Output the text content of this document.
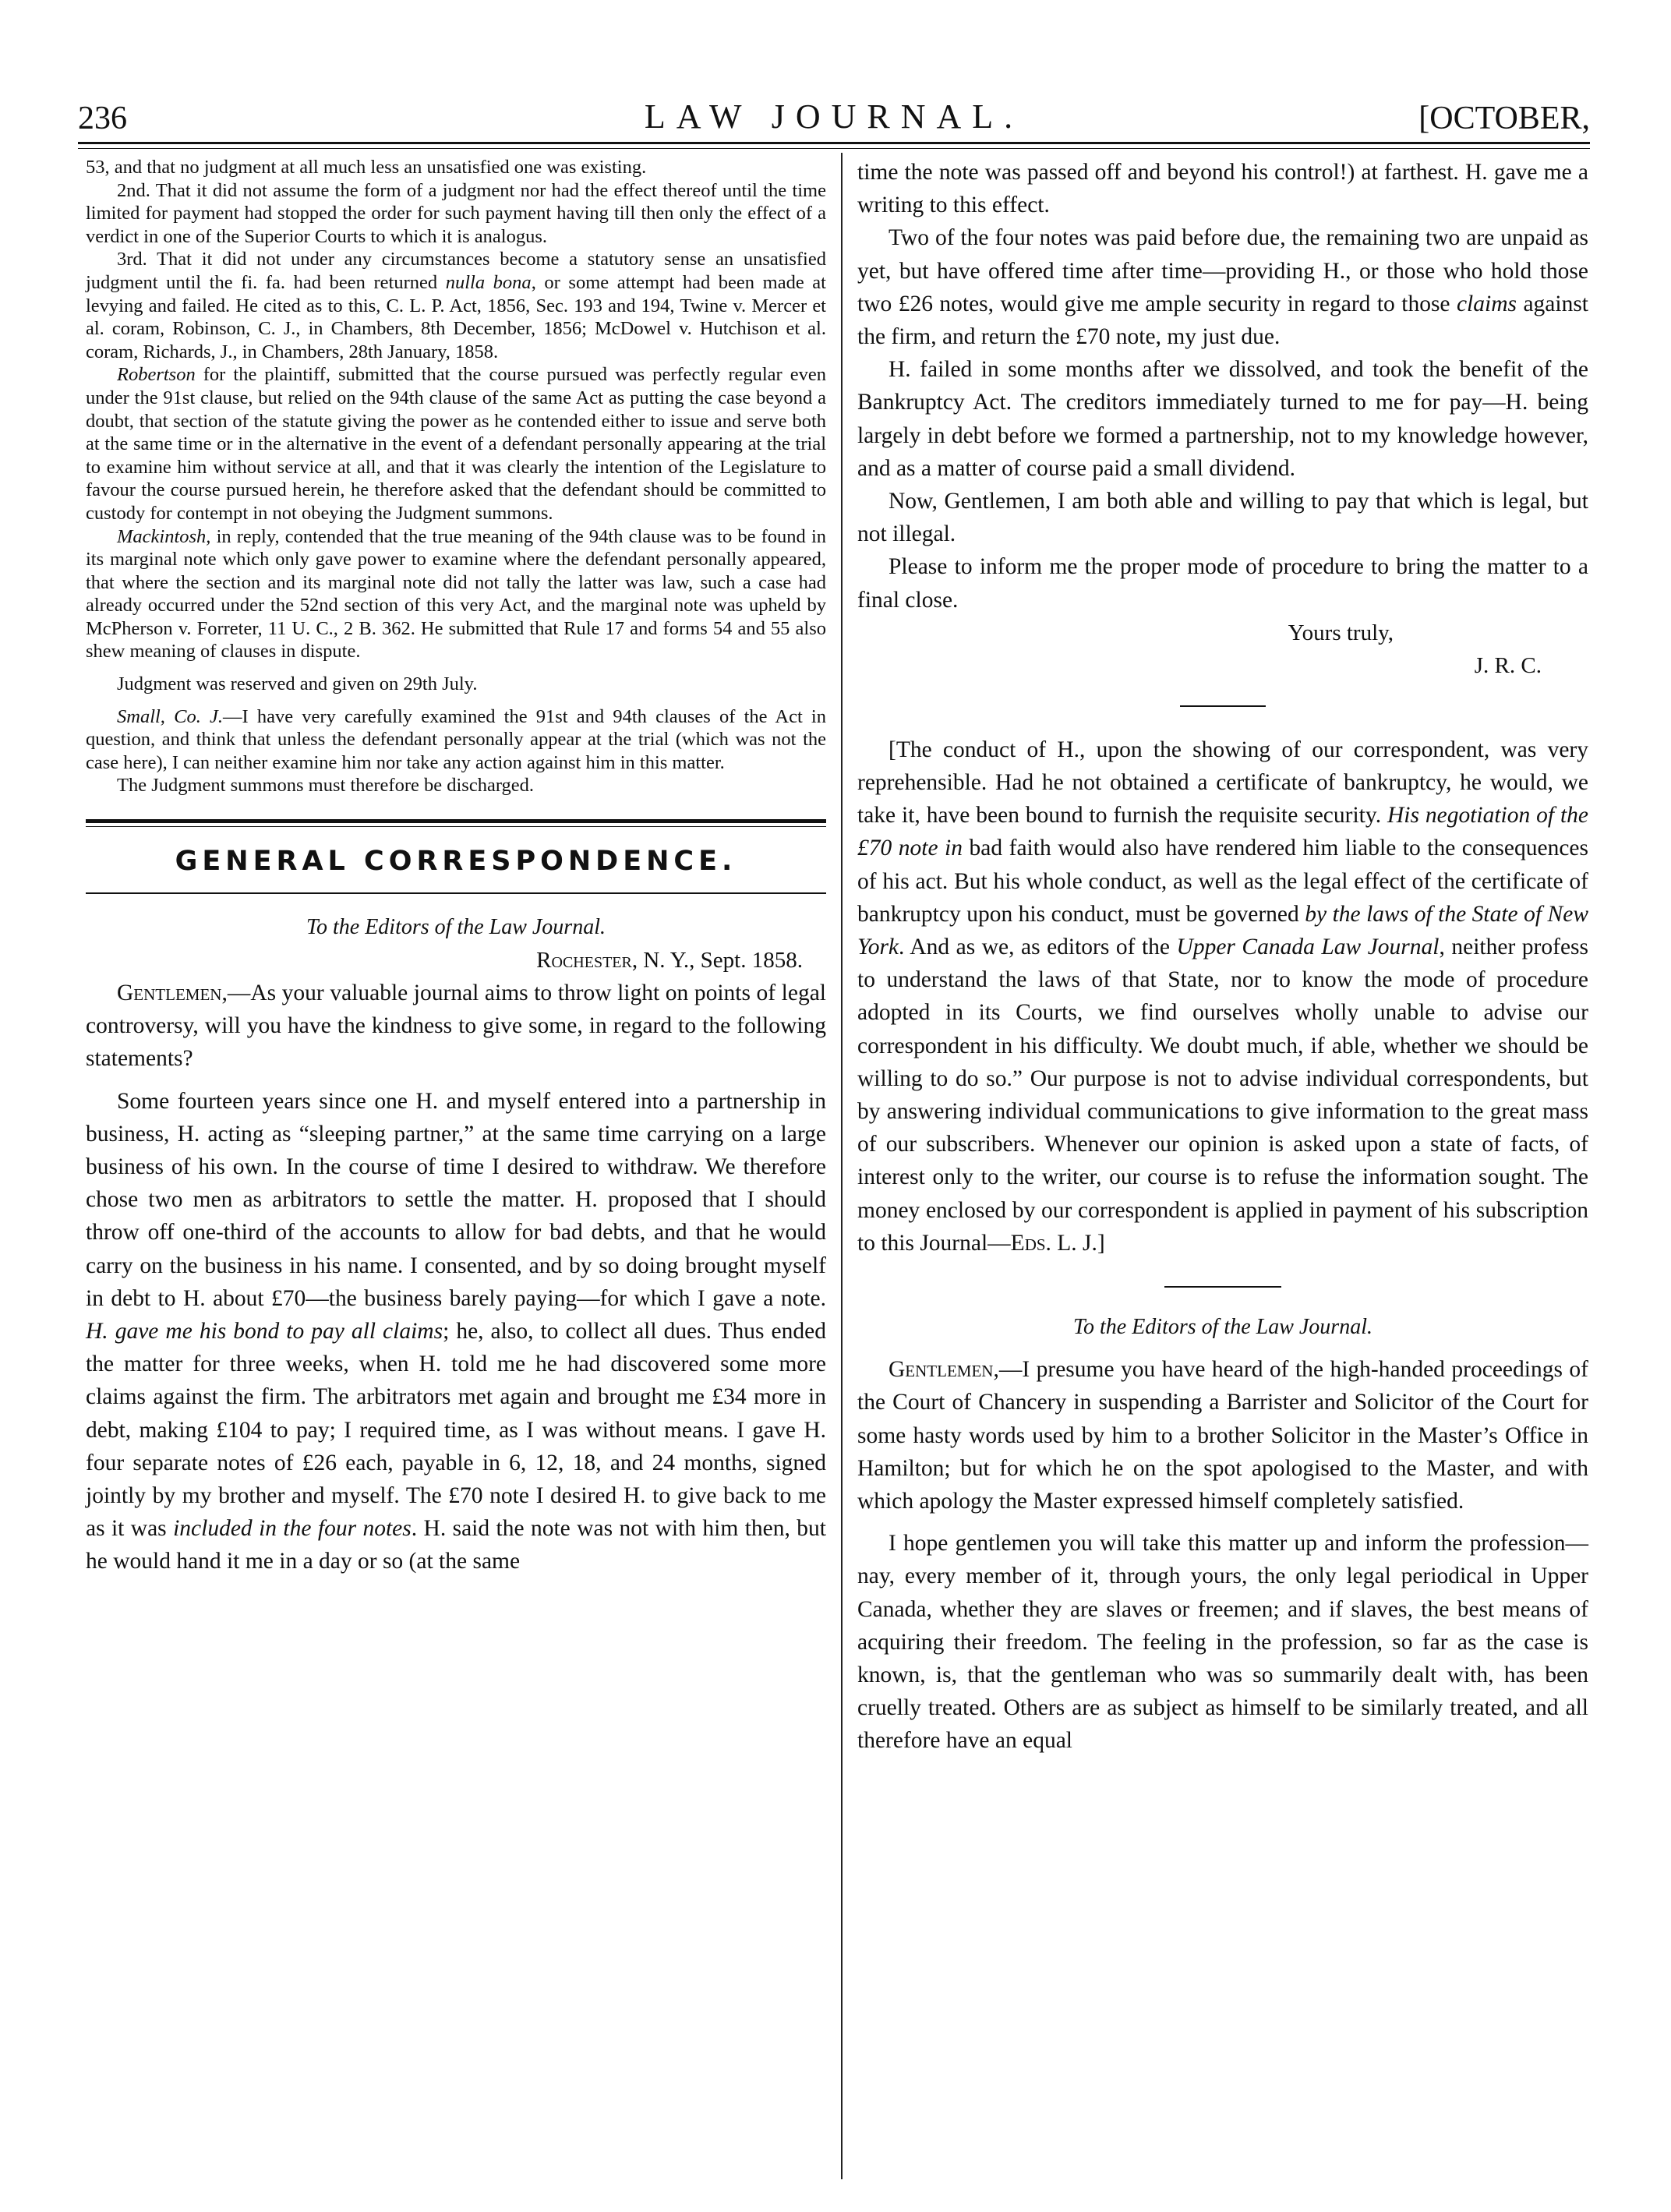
236	LAW JOURNAL.	[OCTOBER,

53, and that no judgment at all much less an unsatisfied one was existing.

2nd. That it did not assume the form of a judgment nor had the effect thereof until the time limited for payment had stopped the order for such payment having till then only the effect of a verdict in one of the Superior Courts to which it is analogus.

3rd. That it did not under any circumstances become a statutory sense an unsatisfied judgment until the fi. fa. had been returned nulla bona, or some attempt had been made at levying and failed. He cited as to this, C. L. P. Act, 1856, Sec. 193 and 194, Twine v. Mercer et al. coram, Robinson, C. J., in Chambers, 8th December, 1856; McDowel v. Hutchison et al. coram, Richards, J., in Chambers, 28th January, 1858.

Robertson for the plaintiff, submitted that the course pursued was perfectly regular even under the 91st clause, but relied on the 94th clause of the same Act as putting the case beyond a doubt, that section of the statute giving the power as he contended either to issue and serve both at the same time or in the alternative in the event of a defendant personally appearing at the trial to examine him without service at all, and that it was clearly the intention of the Legislature to favour the course pursued herein, he therefore asked that the defendant should be committed to custody for contempt in not obeying the Judgment summons.

Mackintosh, in reply, contended that the true meaning of the 94th clause was to be found in its marginal note which only gave power to examine where the defendant personally appeared, that where the section and its marginal note did not tally the latter was law, such a case had already occurred under the 52nd section of this very Act, and the marginal note was upheld by McPherson v. Forreter, 11 U. C., 2 B. 362. He submitted that Rule 17 and forms 54 and 55 also shew meaning of clauses in dispute.

Judgment was reserved and given on 29th July.

Small, Co. J.—I have very carefully examined the 91st and 94th clauses of the Act in question, and think that unless the defendant personally appear at the trial (which was not the case here), I can neither examine him nor take any action against him in this matter.

The Judgment summons must therefore be discharged.

GENERAL CORRESPONDENCE.
To the Editors of the Law Journal.
Rochester, N. Y., Sept. 1858.

Gentlemen,—As your valuable journal aims to throw light on points of legal controversy, will you have the kindness to give some, in regard to the following statements?

Some fourteen years since one H. and myself entered into a partnership in business, H. acting as “sleeping partner,” at the same time carrying on a large business of his own. In the course of time I desired to withdraw. We therefore chose two men as arbitrators to settle the matter. H. proposed that I should throw off one-third of the accounts to allow for bad debts, and that he would carry on the business in his name. I consented, and by so doing brought myself in debt to H. about £70—the business barely paying—for which I gave a note. H. gave me his bond to pay all claims; he, also, to collect all dues. Thus ended the matter for three weeks, when H. told me he had discovered some more claims against the firm. The arbitrators met again and brought me £34 more in debt, making £104 to pay; I required time, as I was without means. I gave H. four separate notes of £26 each, payable in 6, 12, 18, and 24 months, signed jointly by my brother and myself. The £70 note I desired H. to give back to me as it was included in the four notes. H. said the note was not with him then, but he would hand it me in a day or so (at the same

time the note was passed off and beyond his control!) at farthest. H. gave me a writing to this effect.

Two of the four notes was paid before due, the remaining two are unpaid as yet, but have offered time after time—providing H., or those who hold those two £26 notes, would give me ample security in regard to those claims against the firm, and return the £70 note, my just due.

H. failed in some months after we dissolved, and took the benefit of the Bankruptcy Act. The creditors immediately turned to me for pay—H. being largely in debt before we formed a partnership, not to my knowledge however, and as a matter of course paid a small dividend.

Now, Gentlemen, I am both able and willing to pay that which is legal, but not illegal.

Please to inform me the proper mode of procedure to bring the matter to a final close.

Yours truly,
J. R. C.

[The conduct of H., upon the showing of our correspondent, was very reprehensible. Had he not obtained a certificate of bankruptcy, he would, we take it, have been bound to furnish the requisite security. His negotiation of the £70 note in bad faith would also have rendered him liable to the consequences of his act. But his whole conduct, as well as the legal effect of the certificate of bankruptcy upon his conduct, must be governed by the laws of the State of New York. And as we, as editors of the Upper Canada Law Journal, neither profess to understand the laws of that State, nor to know the mode of procedure adopted in its Courts, we find ourselves wholly unable to advise our correspondent in his difficulty. We doubt much, if able, whether we should be willing to do so.” Our purpose is not to advise individual correspondents, but by answering individual communications to give information to the great mass of our subscribers. Whenever our opinion is asked upon a state of facts, of interest only to the writer, our course is to refuse the information sought. The money enclosed by our correspondent is applied in payment of his subscription to this Journal—Eds. L. J.]

To the Editors of the Law Journal.

Gentlemen,—I presume you have heard of the high-handed proceedings of the Court of Chancery in suspending a Barrister and Solicitor of the Court for some hasty words used by him to a brother Solicitor in the Master’s Office in Hamilton; but for which he on the spot apologised to the Master, and with which apology the Master expressed himself completely satisfied.

I hope gentlemen you will take this matter up and inform the profession—nay, every member of it, through yours, the only legal periodical in Upper Canada, whether they are slaves or freemen; and if slaves, the best means of acquiring their freedom. The feeling in the profession, so far as the case is known, is, that the gentleman who was so summarily dealt with, has been cruelly treated. Others are as subject as himself to be similarly treated, and all therefore have an equal
